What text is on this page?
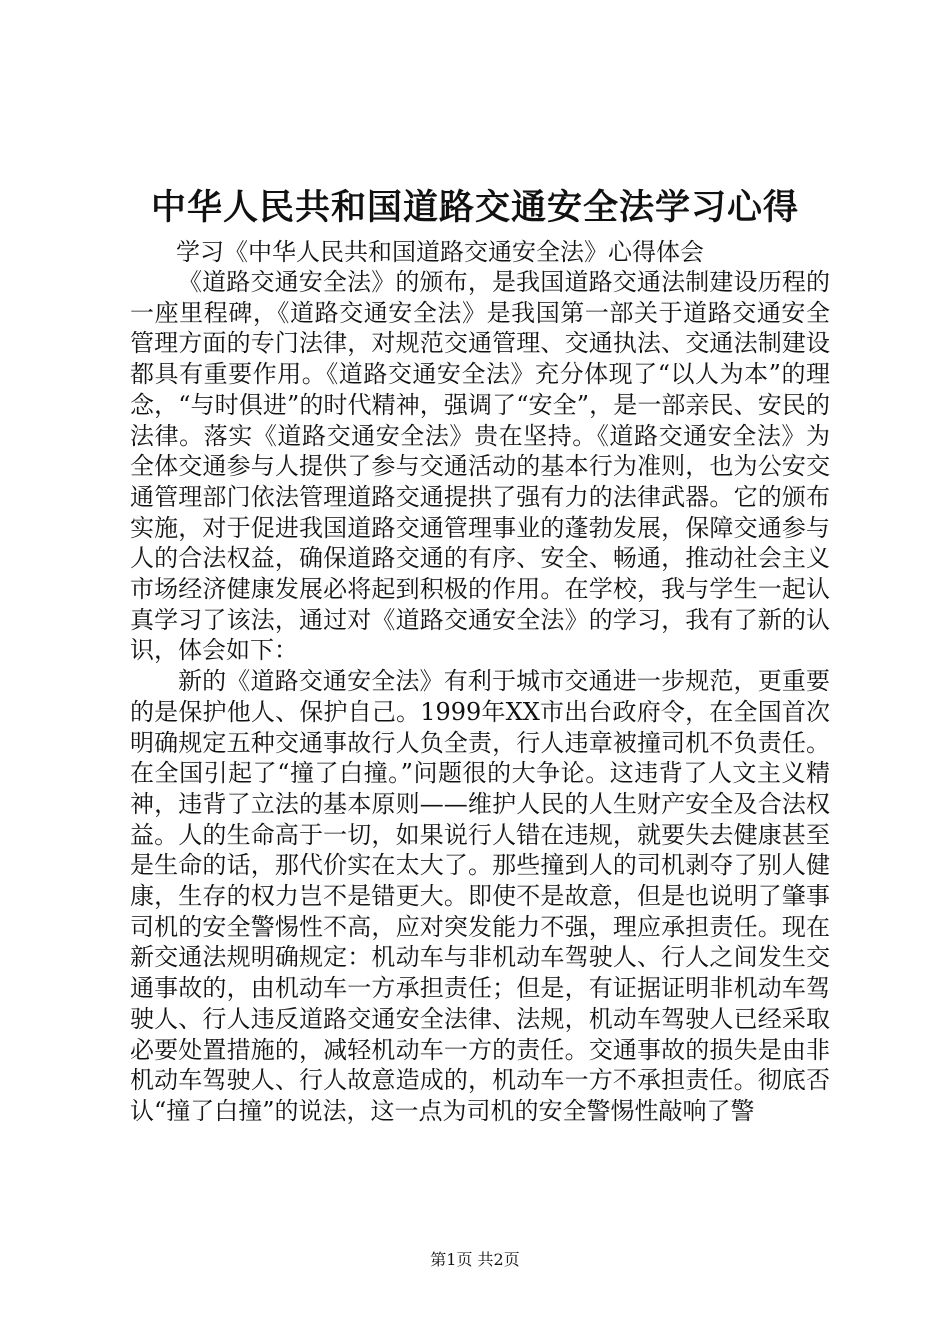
中华人民共和国道路交通安全法学习心得

学习《中华人民共和国道路交通安全法》心得体会

《道路交通安全法》的颁布，是我国道路交通法制建设历程的一座里程碑，《道路交通安全法》是我国第一部关于道路交通安全管理方面的专门法律，对规范交通管理、交通执法、交通法制建设都具有重要作用。《道路交通安全法》充分体现了“以人为本”的理念，“与时俱进”的时代精神，强调了“安全”，是一部亲民、安民的法律。落实《道路交通安全法》贵在坚持。《道路交通安全法》为全体交通参与人提供了参与交通活动的基本行为准则，也为公安交通管理部门依法管理道路交通提拱了强有力的法律武器。它的颁布实施，对于促进我国道路交通管理事业的蓬勃发展，保障交通参与人的合法权益，确保道路交通的有序、安全、畅通，推动社会主义市场经济健康发展必将起到积极的作用。在学校，我与学生一起认真学习了该法，通过对《道路交通安全法》的学习，我有了新的认识，体会如下：

新的《道路交通安全法》有利于城市交通进一步规范，更重要的是保护他人、保护自己。1999年XX市出台政府令，在全国首次明确规定五种交通事故行人负全责，行人违章被撞司机不负责任。在全国引起了“撞了白撞。”问题很的大争论。这违背了人文主义精神，违背了立法的基本原则——维护人民的人生财产安全及合法权益。人的生命高于一切，如果说行人错在违规，就要失去健康甚至是生命的话，那代价实在太大了。那些撞到人的司机剥夺了别人健康，生存的权力岂不是错更大。即使不是故意，但是也说明了肇事司机的安全警惕性不高，应对突发能力不强，理应承担责任。现在新交通法规明确规定：机动车与非机动车驾驶人、行人之间发生交通事故的，由机动车一方承担责任；但是，有证据证明非机动车驾驶人、行人违反道路交通安全法律、法规，机动车驾驶人已经采取必要处置措施的，减轻机动车一方的责任。交通事故的损失是由非机动车驾驶人、行人故意造成的，机动车一方不承担责任。彻底否认“撞了白撞”的说法，这一点为司机的安全警惕性敲响了警

第1页 共2页
